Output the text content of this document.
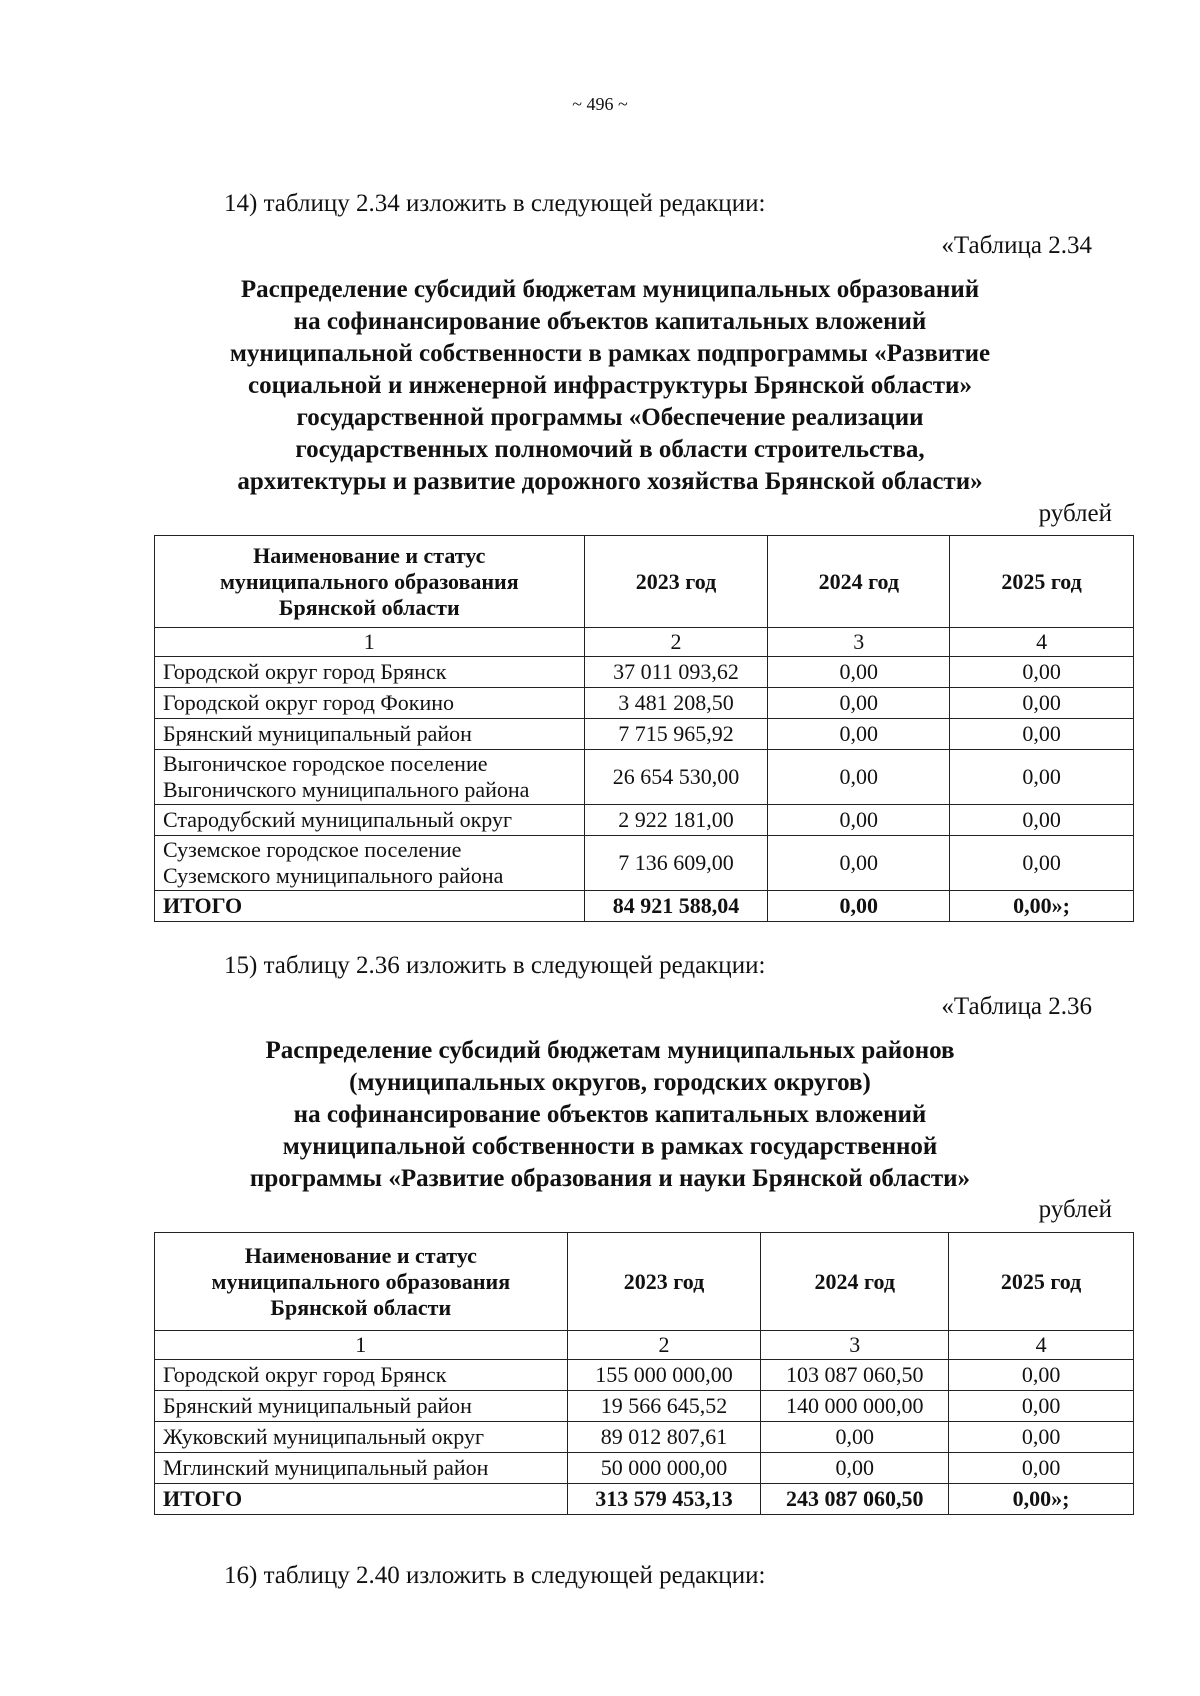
~ 496 ~
14) таблицу 2.34 изложить в следующей редакции:
«Таблица 2.34
Распределение субсидий бюджетам муниципальных образований
на софинансирование объектов капитальных вложений
муниципальной собственности в рамках подпрограммы «Развитие
социальной и инженерной инфраструктуры Брянской области»
государственной программы «Обеспечение реализации
государственных полномочий в области строительства,
архитектуры и развитие дорожного хозяйства Брянской области»
рублей
Наименование и статус
муниципального образования
Брянской области	2023 год	2024 год	2025 год
1	2	3	4
Городской округ город Брянск	37 011 093,62	0,00	0,00
Городской округ город Фокино	3 481 208,50	0,00	0,00
Брянский муниципальный район	7 715 965,92	0,00	0,00

Выгоничское городское поселение
Выгоничского муниципального района	26 654 530,00	0,00	0,00
Стародубский муниципальный округ	2 922 181,00	0,00	0,00

Суземское городское поселение
Суземского муниципального района	7 136 609,00	0,00	0,00
ИТОГО	84 921 588,04	0,00	0,00»;
15) таблицу 2.36 изложить в следующей редакции:
«Таблица 2.36
Распределение субсидий бюджетам муниципальных районов
(муниципальных округов, городских округов)
на софинансирование объектов капитальных вложений
муниципальной собственности в рамках государственной
программы «Развитие образования и науки Брянской области»
рублей
Наименование и статус
муниципального образования
Брянской области	2023 год	2024 год	2025 год
1	2	3	4
Городской округ город Брянск	155 000 000,00	103 087 060,50	0,00
Брянский муниципальный район	19 566 645,52	140 000 000,00	0,00
Жуковский муниципальный округ	89 012 807,61	0,00	0,00
Мглинский муниципальный район	50 000 000,00	0,00	0,00
ИТОГО	313 579 453,13	243 087 060,50	0,00»;
16) таблицу 2.40 изложить в следующей редакции:
